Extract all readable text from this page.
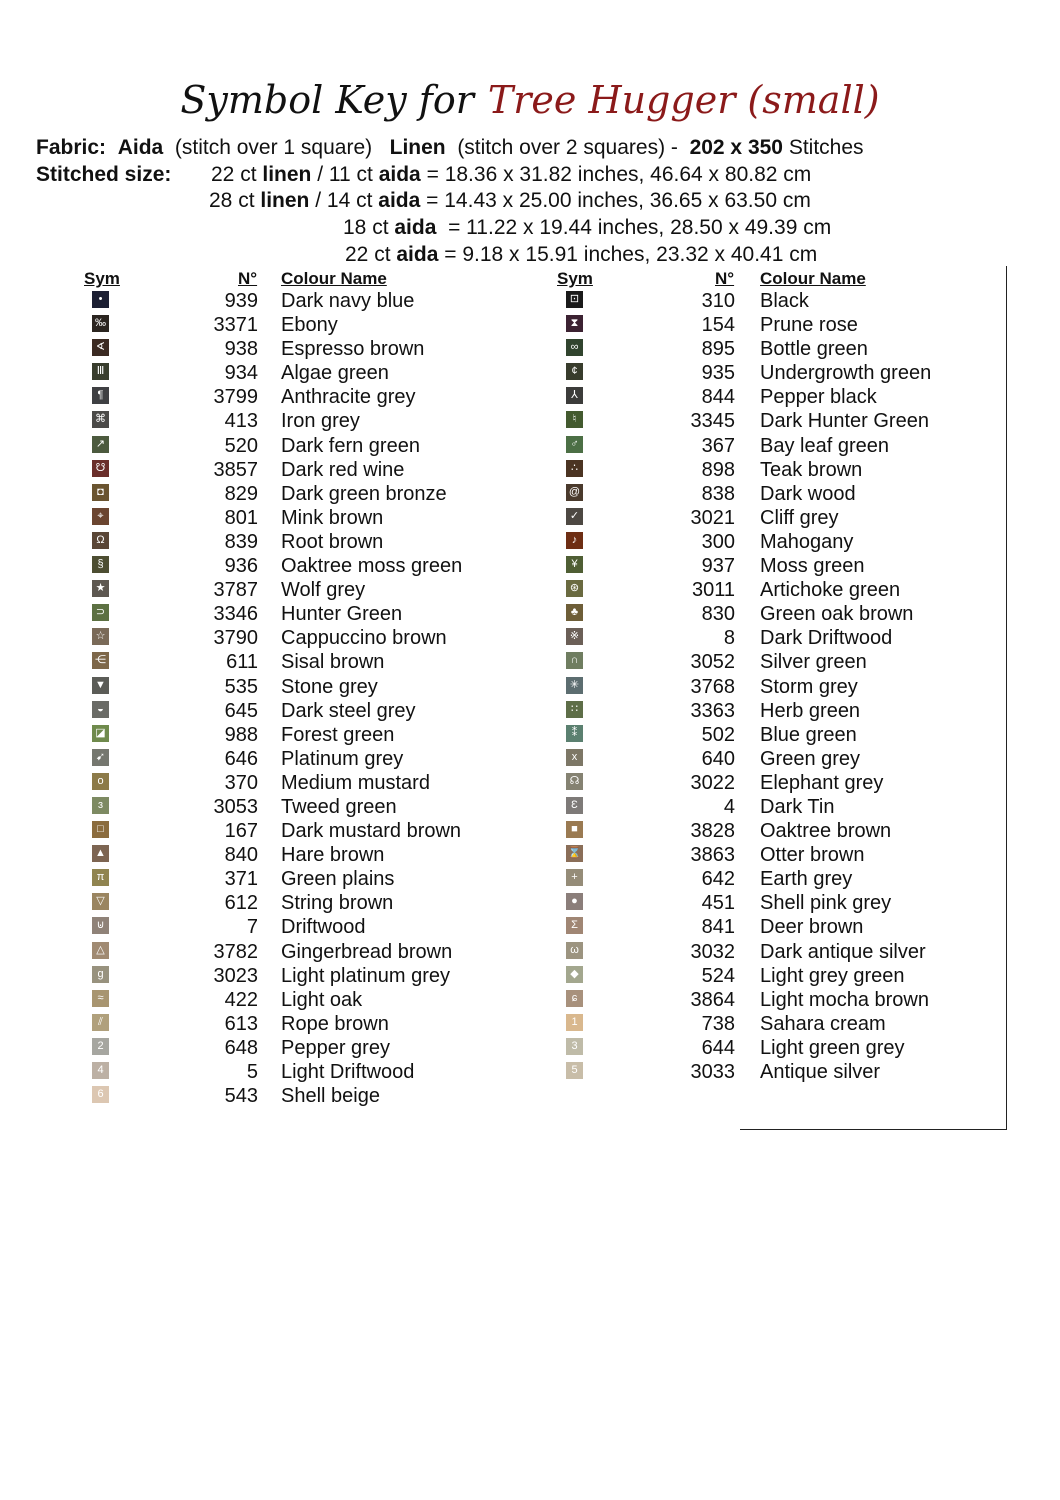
Symbol Key for Tree Hugger (small)
Fabric: Aida (stitch over 1 square) Linen (stitch over 2 squares) - 202 x 350 Stitches
Stitched size: 22 ct linen / 11 ct aida = 18.36 x 31.82 inches, 46.64 x 80.82 cm
28 ct linen / 14 ct aida = 14.43 x 25.00 inches, 36.65 x 63.50 cm
18 ct aida  = 11.22 x 19.44 inches, 28.50 x 49.39 cm
22 ct aida = 9.18 x 15.91 inches, 23.32 x 40.41 cm
Sym	N° Colour Name	Sym	N° Colour Name
•	939 Dark navy blue
‰	3371 Ebony
∢	938 Espresso brown
Ⅲ	934 Algae green
¶	3799 Anthracite grey
⌘	413 Iron grey
↗	520 Dark fern green
☋	3857 Dark red wine
◘	829 Dark green bronze
⌖	801 Mink brown
Ω	839 Root brown
§	936 Oaktree moss green
★	3787 Wolf grey
⊃	3346 Hunter Green
☆	3790 Cappuccino brown
⋲	611 Sisal brown
▼	535 Stone grey
◒	645 Dark steel grey
◪	988 Forest green
➹	646 Platinum grey
o	370 Medium mustard
ɜ	3053 Tweed green
□	167 Dark mustard brown
▲	840 Hare brown
π	371 Green plains
▽	612 String brown
⊍	7 Driftwood
△	3782 Gingerbread brown
g	3023 Light platinum grey
≈	422 Light oak
⫽	613 Rope brown
2	648 Pepper grey
4	5 Light Driftwood
6	543 Shell beige
⊡	310 Black
⧗	154 Prune rose
∞	895 Bottle green
¢	935 Undergrowth green
⅄	844 Pepper black
♮	3345 Dark Hunter Green
♂	367 Bay leaf green
∴	898 Teak brown
@	838 Dark wood
✓	3021 Cliff grey
♪	300 Mahogany
¥	937 Moss green
⊛	3011 Artichoke green
♣	830 Green oak brown
※	8 Dark Driftwood
∩	3052 Silver green
✳	3768 Storm grey
∷	3363 Herb green
⁑	502 Blue green
x	640 Green grey
☊	3022 Elephant grey
Ɛ	4 Dark Tin
■	3828 Oaktree brown
⌛	3863 Otter brown
+	642 Earth grey
●	451 Shell pink grey
Σ	841 Deer brown
ω	3032 Dark antique silver
◆	524 Light grey green
ɕ	3864 Light mocha brown
1	738 Sahara cream
3	644 Light green grey
5	3033 Antique silver
